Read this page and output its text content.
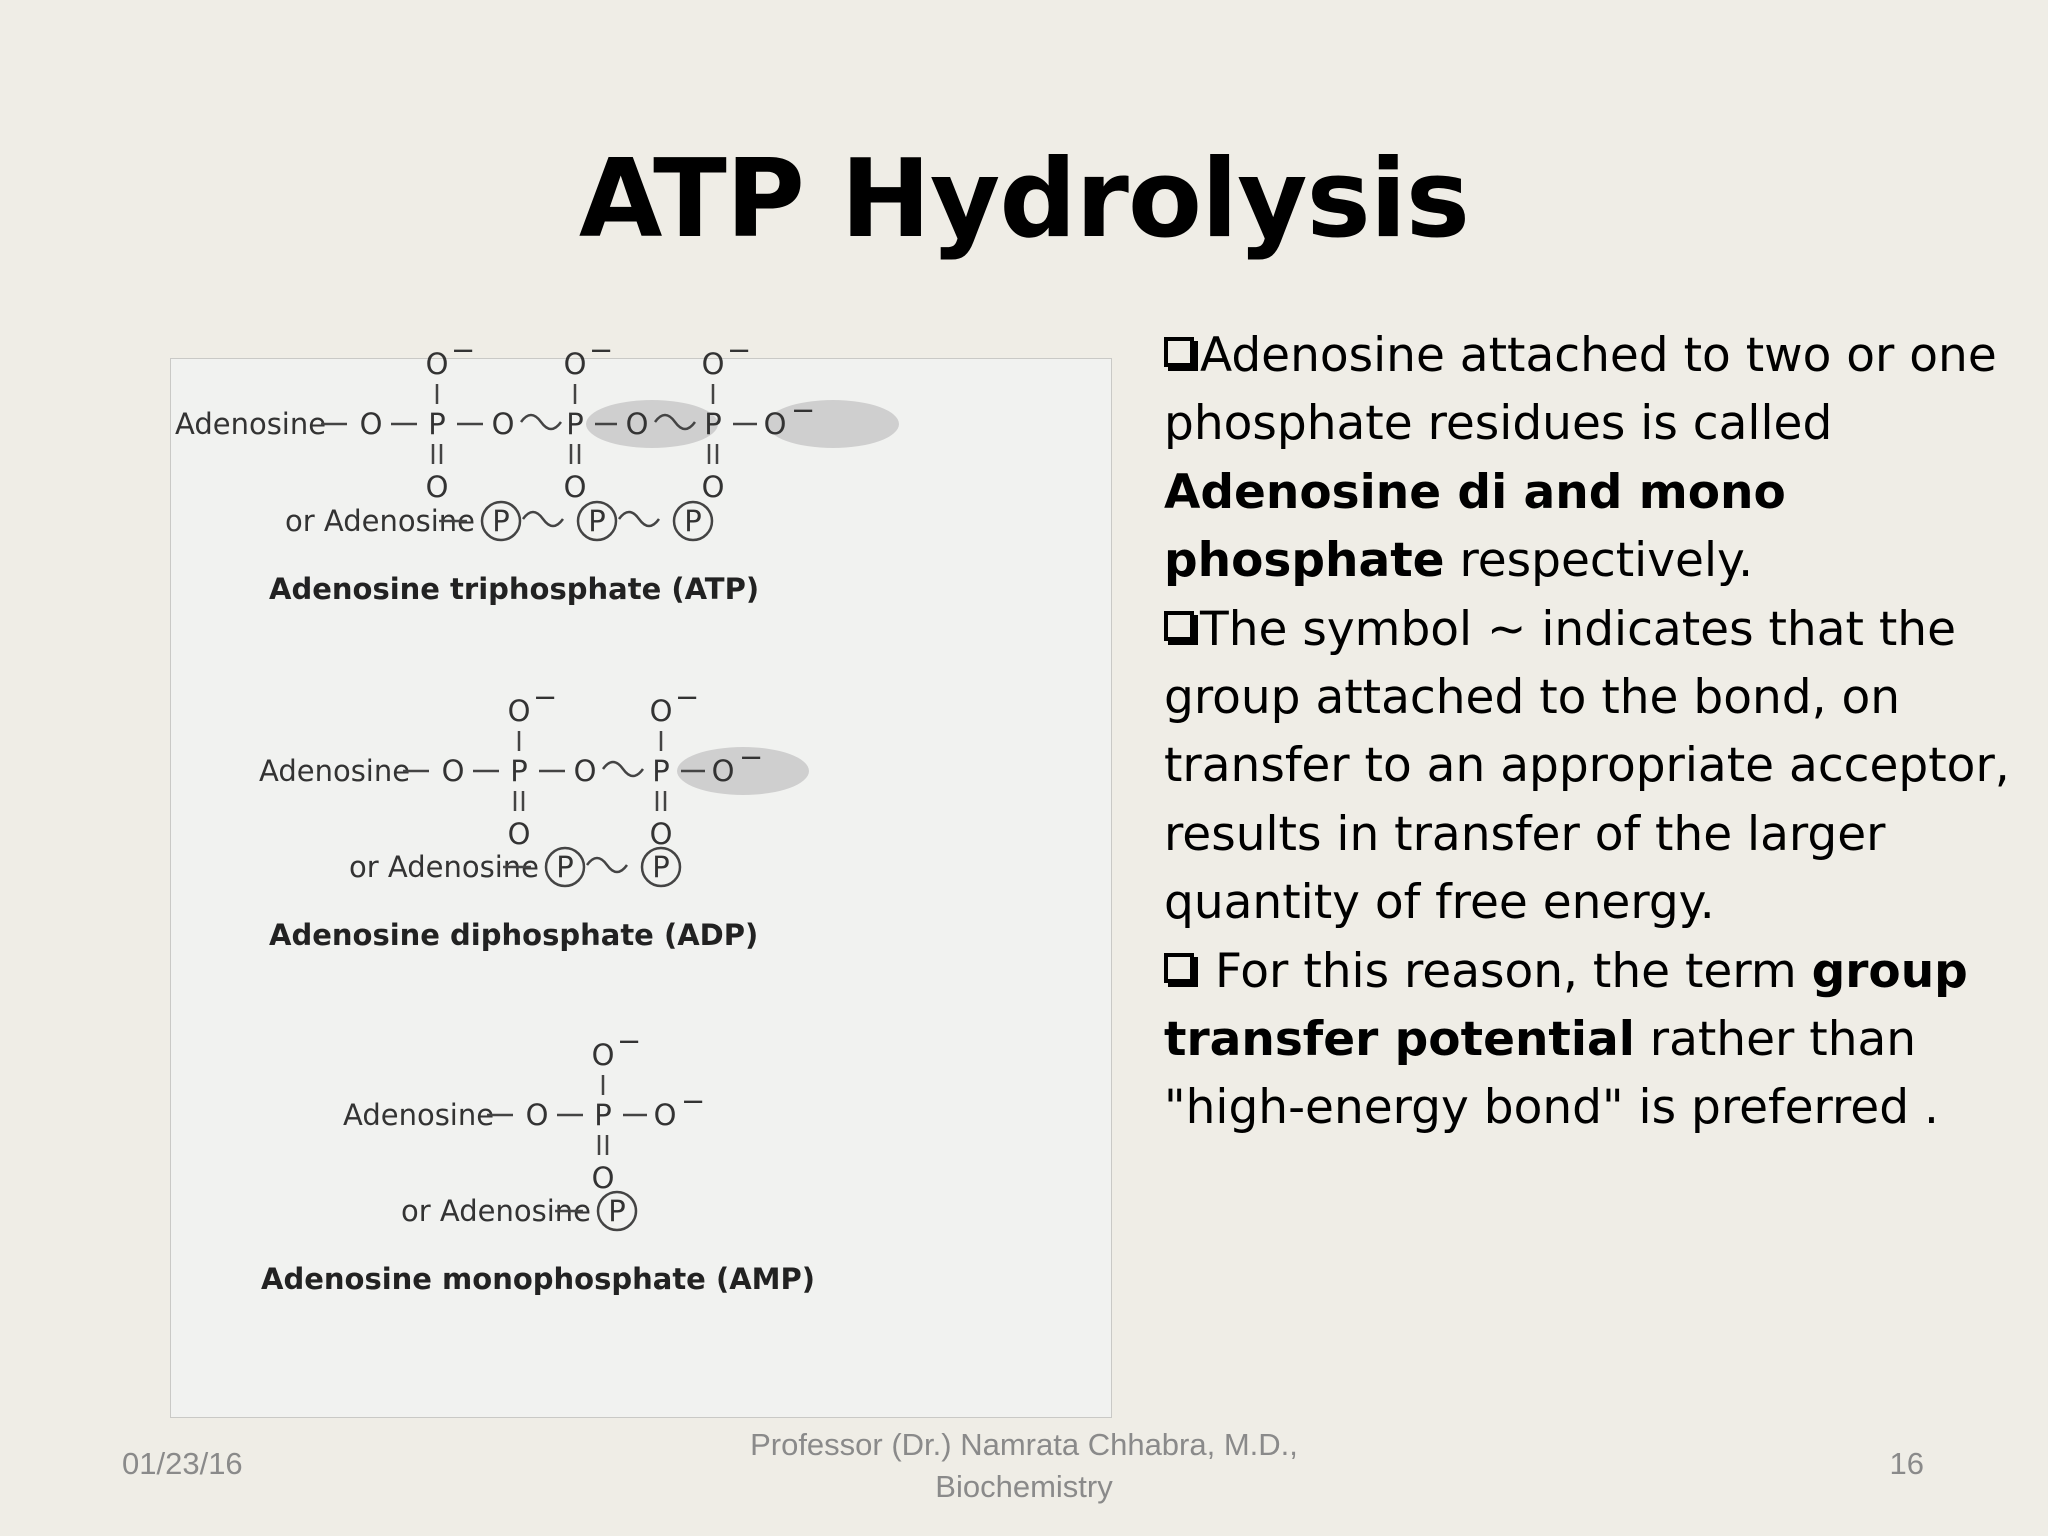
ATP Hydrolysis
Adenosine O P
O −
O
O P
O −
O
O P
O −
O
O −
or Adenosine P	P	P
Adenosine triphosphate (ATP)
Adenosine O P
O −
O
O P
O −
O
O −
or Adenosine P	P
Adenosine diphosphate (ADP)
Adenosine O P
O −
O
O −
or Adenosine P
Adenosine monophosphate (AMP)

Adenosine attached to two or one phosphate residues is called Adenosine di and mono phosphate respectively.

The symbol ~ indicates that the group attached to the bond, on transfer to an appropriate acceptor, results in transfer of the larger quantity of free energy.

For this reason, the term group transfer potential rather than "high-energy bond" is preferred .

01/23/16
Professor (Dr.) Namrata Chhabra, M.D.,
Biochemistry
16
